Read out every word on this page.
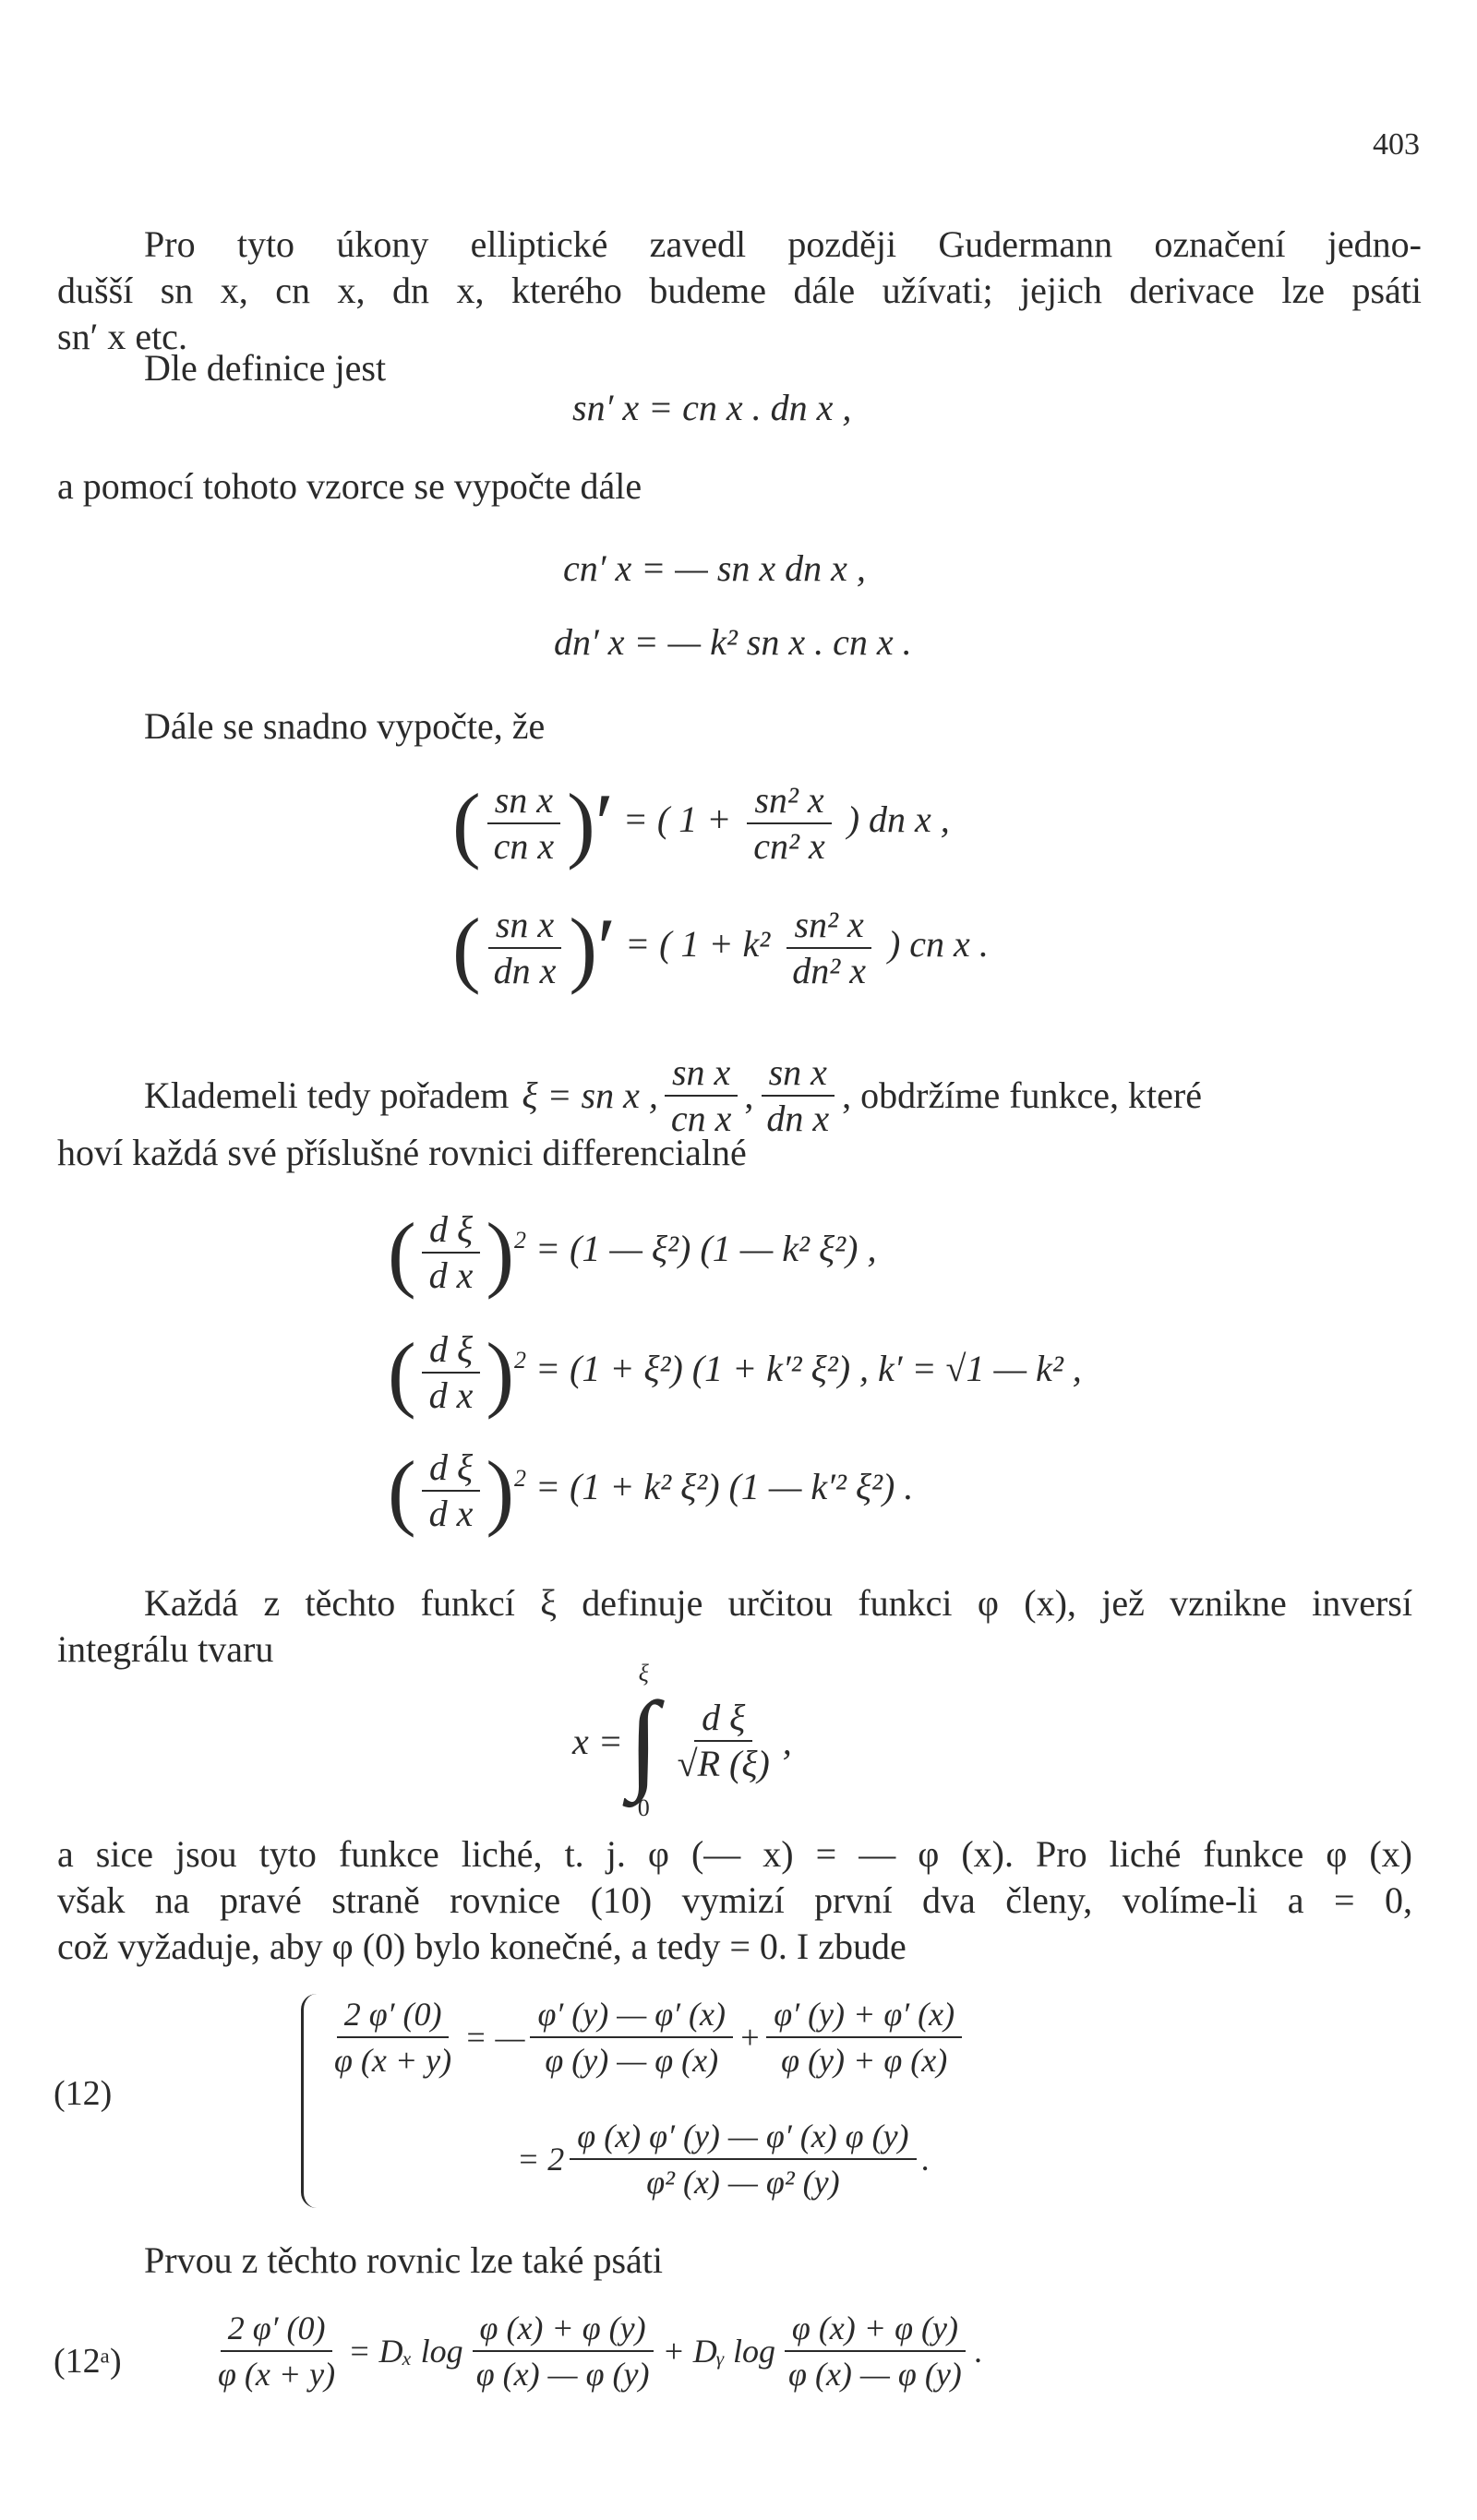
403
Pro tyto úkony elliptické zavedl později Gudermann označení jedno-
dušší sn x, cn x, dn x, kterého budeme dále užívati; jejich derivace lze psáti
sn′ x etc.
Dle definice jest
sn′ x = cn x . dn x ,
a pomocí tohoto vzorce se vypočte dále
cn′ x = — sn x dn x ,
dn′ x = — k² sn x . cn x .
Dále se snadno vypočte, že
( $\frac{\text{sn x}}{\text{cn x}}$ )′ = ( $1 + \frac{\text{sn² x}}{\text{cn² x}}$ ) dn x ,
( $\frac{\text{sn x}}{\text{dn x}}$ )′ = ( $1 + k^2 \frac{\text{sn² x}}{\text{dn² x}}$ ) cn x .
Klademeli tedy pořadem ξ = sn x , $\frac{\text{sn x}}{\text{cn x}}$ , $\frac{\text{sn x}}{\text{dn x}}$ , obdržíme funkce, které
hoví každá své příslušné rovnici differencialné
( $\frac{\text{d ξ}}{\text{d x}} )^2 = (1$ — ξ²) (1 — k² ξ²) ,
( $\frac{\text{d ξ}}{\text{d x}} )^2 = (1 + \xi^2)$ (1 + k′² ξ²) , k′ = √1 — k² ,
( $\frac{\text{d ξ}}{\text{d x}} )^2 = (1 + k^2$ ξ²) (1 — k′² ξ²) .
Každá z těchto funkcí ξ definuje určitou funkci φ (x), jež vznikne inversí
integrálu tvaru
x =
ξ
∫
0
$\frac{\text{d ξ}}{√R (\xi)}$ ,
a sice jsou tyto funkce liché, t. j. φ (— x) = — φ (x). Pro liché funkce φ (x)
však na pravé straně rovnice (10) vymizí první dva členy, volíme-li a = 0,
což vyžaduje, aby φ (0) bylo konečné, a tedy = 0. I zbude
(12)
$\frac{2 \varphi' (0)}{\varphi (x + y)}$ = — $\frac{\varphi' (y) — \varphi' (x)}{\varphi (y) — \varphi (x)} + \frac{\varphi' (y) + \varphi' (x)}{\varphi (y) + \varphi (x)}$
= $2 \frac{\varphi (x) \varphi' (y) — \varphi' (x) \varphi (y)}{\text{φ² (x) — φ² (y)}}$ .
Prvou z těchto rovnic lze také psáti
(12ᵃ)	$\frac{2 \varphi' (0)}{\varphi (x + y)} = D_x$ $\log \frac{\varphi (x) + \varphi (y)}{\varphi (x) — \varphi (y)}$ + Dᵧ $\log \frac{\varphi (x) + \varphi (y)}{\varphi (x) — \varphi (y)}$ .
